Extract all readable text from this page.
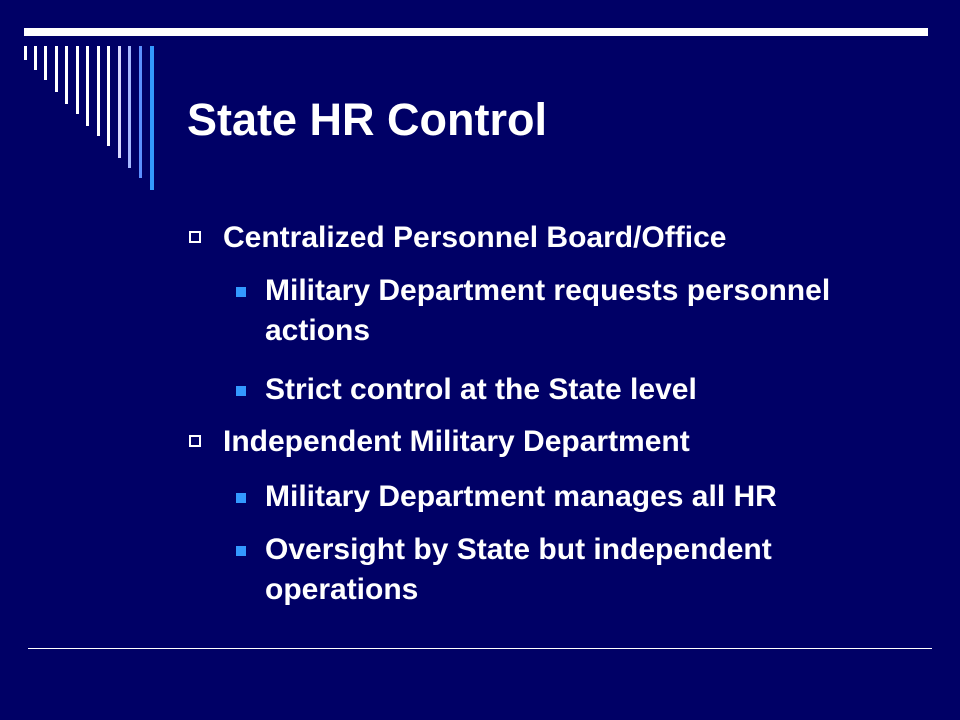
State HR Control
Centralized Personnel Board/Office
Military Department requests personnel actions
Strict control at the State level
Independent Military Department
Military Department manages all HR
Oversight by State but independent operations
